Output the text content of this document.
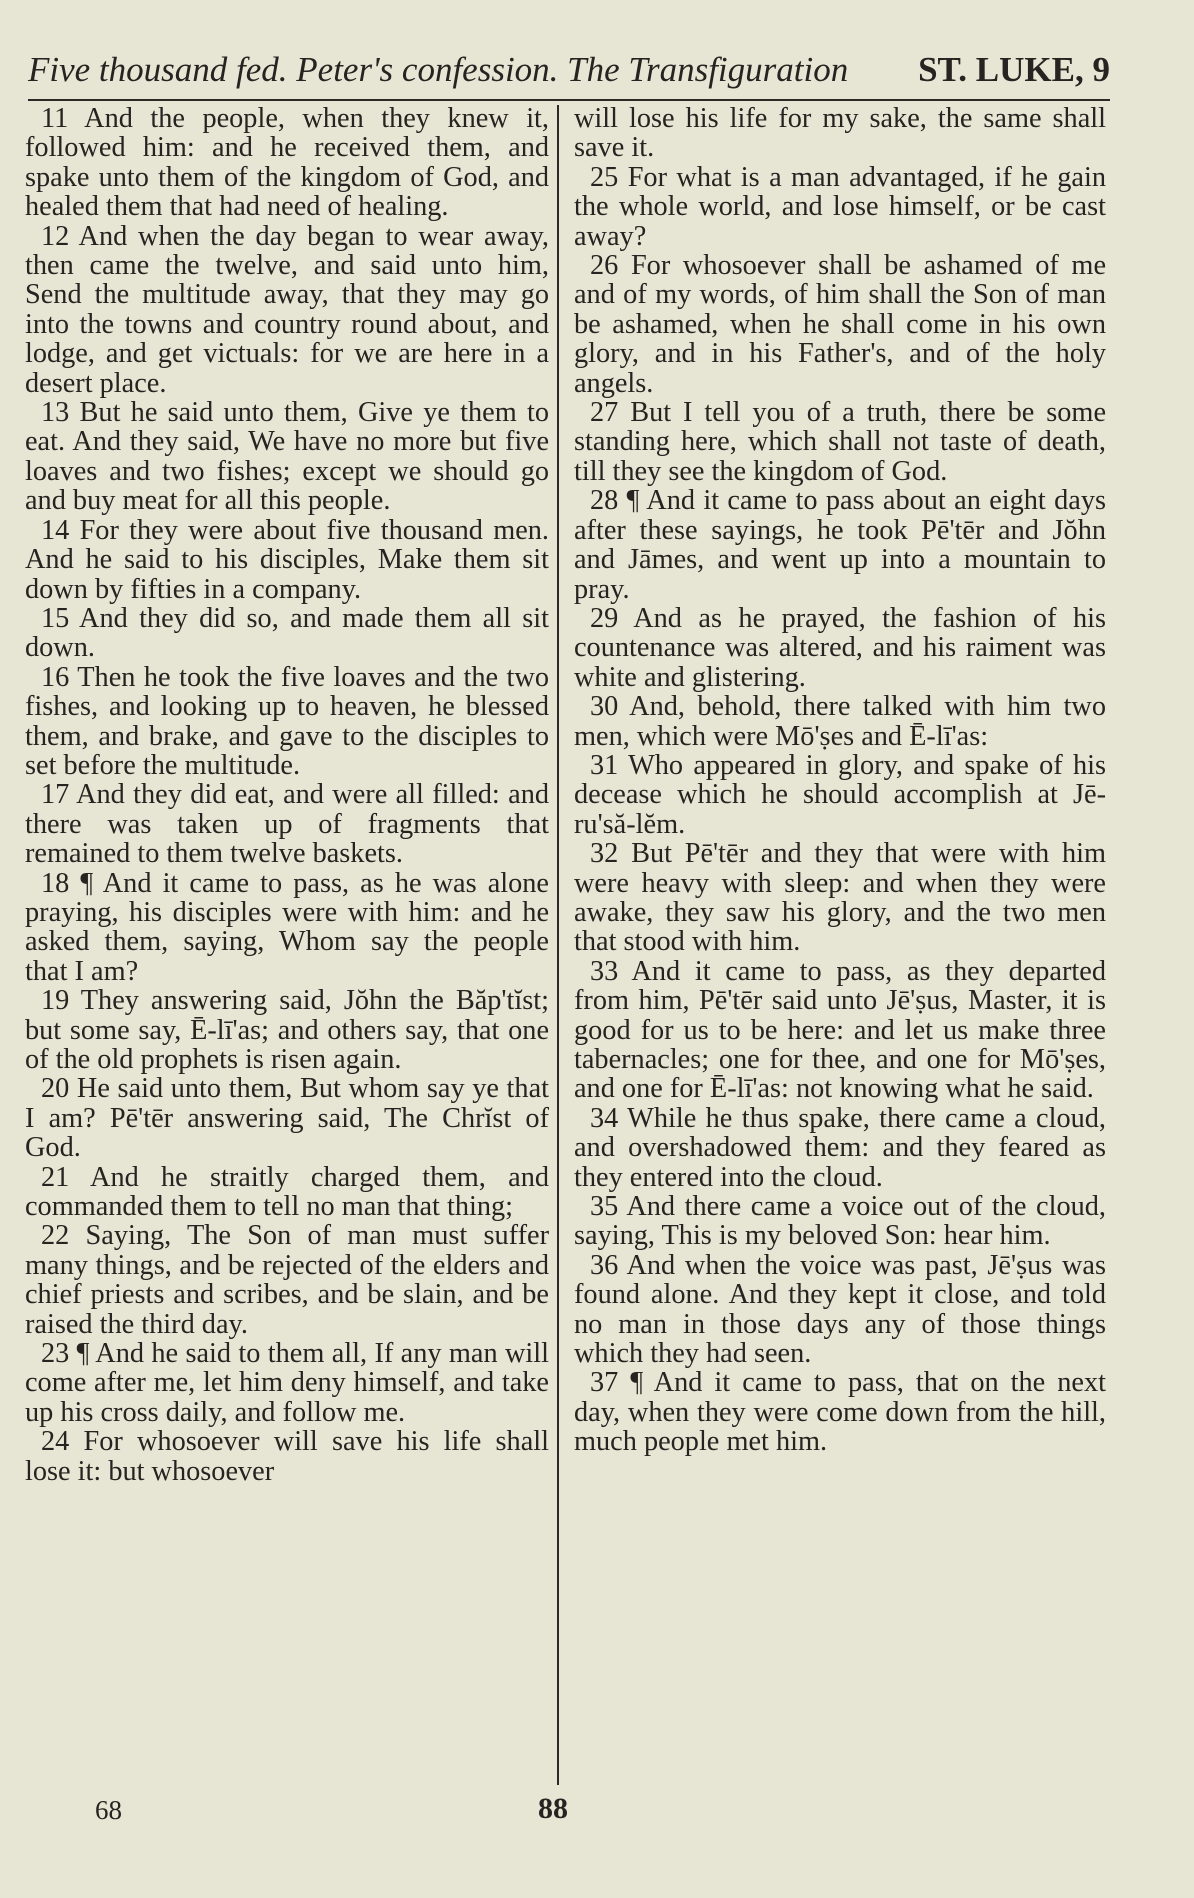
Five thousand fed. Peter's confession. The Transfiguration ST. LUKE, 9

11 And the people, when they knew it, followed him: and he received them, and spake unto them of the kingdom of God, and healed them that had need of healing.

12 And when the day began to wear away, then came the twelve, and said unto him, Send the multitude away, that they may go into the towns and country round about, and lodge, and get victuals: for we are here in a desert place.

13 But he said unto them, Give ye them to eat. And they said, We have no more but five loaves and two fishes; except we should go and buy meat for all this people.

14 For they were about five thousand men. And he said to his disciples, Make them sit down by fifties in a company.

15 And they did so, and made them all sit down.

16 Then he took the five loaves and the two fishes, and looking up to heaven, he blessed them, and brake, and gave to the disciples to set before the multitude.

17 And they did eat, and were all filled: and there was taken up of fragments that remained to them twelve baskets.

18 ¶ And it came to pass, as he was alone praying, his disciples were with him: and he asked them, saying, Whom say the people that I am?

19 They answering said, Jŏhn the Băp'tĭst; but some say, Ē-lī'as; and others say, that one of the old prophets is risen again.

20 He said unto them, But whom say ye that I am? Pē'tēr answering said, The Chrĭst of God.

21 And he straitly charged them, and commanded them to tell no man that thing;

22 Saying, The Son of man must suffer many things, and be rejected of the elders and chief priests and scribes, and be slain, and be raised the third day.

23 ¶ And he said to them all, If any man will come after me, let him deny himself, and take up his cross daily, and follow me.

24 For whosoever will save his life shall lose it: but whosoever

will lose his life for my sake, the same shall save it.

25 For what is a man advantaged, if he gain the whole world, and lose himself, or be cast away?

26 For whosoever shall be ashamed of me and of my words, of him shall the Son of man be ashamed, when he shall come in his own glory, and in his Father's, and of the holy angels.

27 But I tell you of a truth, there be some standing here, which shall not taste of death, till they see the kingdom of God.

28 ¶ And it came to pass about an eight days after these sayings, he took Pē'tēr and Jŏhn and Jāmes, and went up into a mountain to pray.

29 And as he prayed, the fashion of his countenance was altered, and his raiment was white and glistering.

30 And, behold, there talked with him two men, which were Mō'ṣes and Ē-lī'as:

31 Who appeared in glory, and spake of his decease which he should accomplish at Jē-ru'să-lĕm.

32 But Pē'tēr and they that were with him were heavy with sleep: and when they were awake, they saw his glory, and the two men that stood with him.

33 And it came to pass, as they departed from him, Pē'tēr said unto Jē'ṣus, Master, it is good for us to be here: and let us make three tabernacles; one for thee, and one for Mō'ṣes, and one for Ē-lī'as: not knowing what he said.

34 While he thus spake, there came a cloud, and overshadowed them: and they feared as they entered into the cloud.

35 And there came a voice out of the cloud, saying, This is my beloved Son: hear him.

36 And when the voice was past, Jē'ṣus was found alone. And they kept it close, and told no man in those days any of those things which they had seen.

37 ¶ And it came to pass, that on the next day, when they were come down from the hill, much people met him.

68	88
